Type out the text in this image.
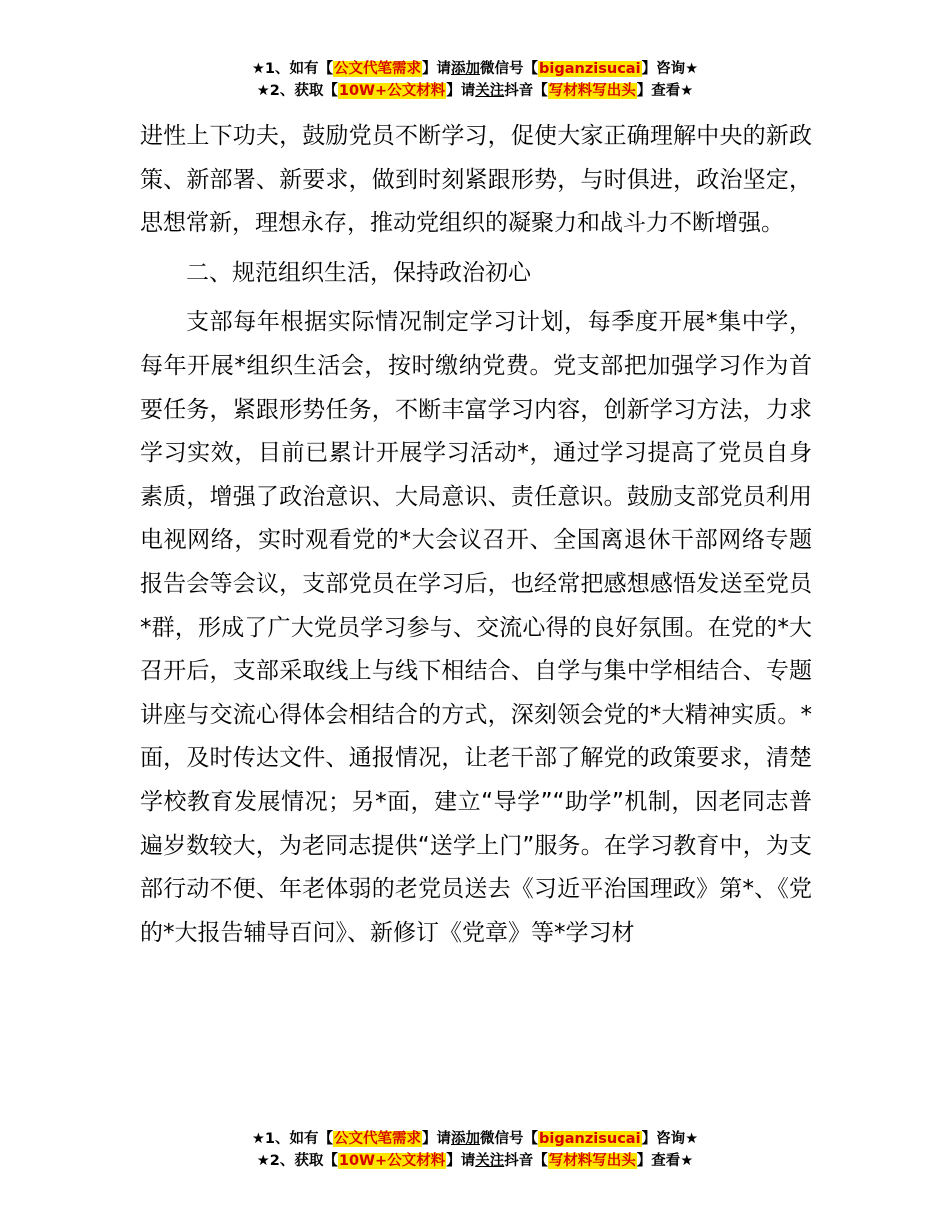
★1、如有【公文代笔需求】请添加微信号【biganzisucai】咨询★
★2、获取【10W+公文材料】请关注抖音【写材料写出头】查看★

进性上下功夫，鼓励党员不断学习，促使大家正确理解中央的新政策、新部署、新要求，做到时刻紧跟形势，与时俱进，政治坚定，思想常新，理想永存，推动党组织的凝聚力和战斗力不断增强。

二、规范组织生活，保持政治初心

支部每年根据实际情况制定学习计划，每季度开展*集中学，每年开展*组织生活会，按时缴纳党费。党支部把加强学习作为首要任务，紧跟形势任务，不断丰富学习内容，创新学习方法，力求学习实效，目前已累计开展学习活动*，通过学习提高了党员自身素质，增强了政治意识、大局意识、责任意识。鼓励支部党员利用电视网络，实时观看党的*大会议召开、全国离退休干部网络专题报告会等会议，支部党员在学习后，也经常把感想感悟发送至党员*群，形成了广大党员学习参与、交流心得的良好氛围。在党的*大召开后，支部采取线上与线下相结合、自学与集中学相结合、专题讲座与交流心得体会相结合的方式，深刻领会党的*大精神实质。*面，及时传达文件、通报情况，让老干部了解党的政策要求，清楚学校教育发展情况；另*面，建立“导学”“助学”机制，因老同志普遍岁数较大，为老同志提供“送学上门”服务。在学习教育中，为支部行动不便、年老体弱的老党员送去《习近平治国理政》第*、《党的*大报告辅导百问》、新修订《党章》等*学习材

★1、如有【公文代笔需求】请添加微信号【biganzisucai】咨询★
★2、获取【10W+公文材料】请关注抖音【写材料写出头】查看★
